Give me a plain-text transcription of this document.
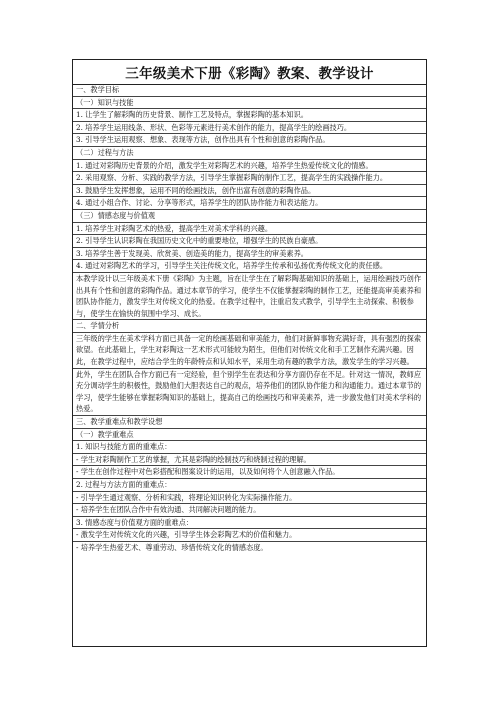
三年级美术下册《彩陶》教案、教学设计
一、教学目标
（一）知识与技能
1. 让学生了解彩陶的历史背景、制作工艺及特点，掌握彩陶的基本知识。
2. 培养学生运用线条、形状、色彩等元素进行美术创作的能力，提高学生的绘画技巧。
3. 引导学生运用观察、想象、表现等方法，创作出具有个性和创意的彩陶作品。
（二）过程与方法
1. 通过对彩陶历史背景的介绍，激发学生对彩陶艺术的兴趣，培养学生热爱传统文化的情感。
2. 采用观察、分析、实践的教学方法，引导学生掌握彩陶的制作工艺，提高学生的实践操作能力。
3. 鼓励学生发挥想象，运用不同的绘画技法，创作出富有创意的彩陶作品。
4. 通过小组合作、讨论、分享等形式，培养学生的团队协作能力和表达能力。
（三）情感态度与价值观
1. 培养学生对彩陶艺术的热爱，提高学生对美术学科的兴趣。
2. 引导学生认识彩陶在我国历史文化中的重要地位，增强学生的民族自豪感。
3. 培养学生善于发现美、欣赏美、创造美的能力，提高学生的审美素养。
4. 通过对彩陶艺术的学习，引导学生关注传统文化，培养学生传承和弘扬优秀传统文化的责任感。
本教学设计以三年级美术下册《彩陶》为主题，旨在让学生在了解彩陶基础知识的基础上，运用绘画技巧创作出具有个性和创意的彩陶作品。通过本章节的学习，使学生不仅能掌握彩陶的制作工艺，还能提高审美素养和团队协作能力，激发学生对传统文化的热爱。在教学过程中，注重启发式教学，引导学生主动探索、积极参与，使学生在愉快的氛围中学习、成长。
二、学情分析
三年级的学生在美术学科方面已具备一定的绘画基础和审美能力，他们对新鲜事物充满好奇，具有强烈的探索欲望。在此基础上，学生对彩陶这一艺术形式可能较为陌生，但他们对传统文化和手工艺制作充满兴趣。因此，在教学过程中，应结合学生的年龄特点和认知水平，采用生动有趣的教学方法，激发学生的学习兴趣。
此外，学生在团队合作方面已有一定经验，但个别学生在表达和分享方面仍存在不足。针对这一情况，教师应充分调动学生的积极性，鼓励他们大胆表达自己的观点，培养他们的团队协作能力和沟通能力。通过本章节的学习，使学生能够在掌握彩陶知识的基础上，提高自己的绘画技巧和审美素养，进一步激发他们对美术学科的热爱。
三、教学重难点和教学设想
（一）教学重难点
1. 知识与技能方面的重难点：
- 学生对彩陶制作工艺的掌握，尤其是彩陶的绘制技巧和烧制过程的理解。
- 学生在创作过程中对色彩搭配和图案设计的运用，以及如何将个人创意融入作品。
2. 过程与方法方面的重难点：
- 引导学生通过观察、分析和实践，将理论知识转化为实际操作能力。
- 培养学生在团队合作中有效沟通、共同解决问题的能力。
3. 情感态度与价值观方面的重难点：
- 激发学生对传统文化的兴趣，引导学生体会彩陶艺术的价值和魅力。
- 培养学生热爱艺术、尊重劳动、珍惜传统文化的情感态度。
